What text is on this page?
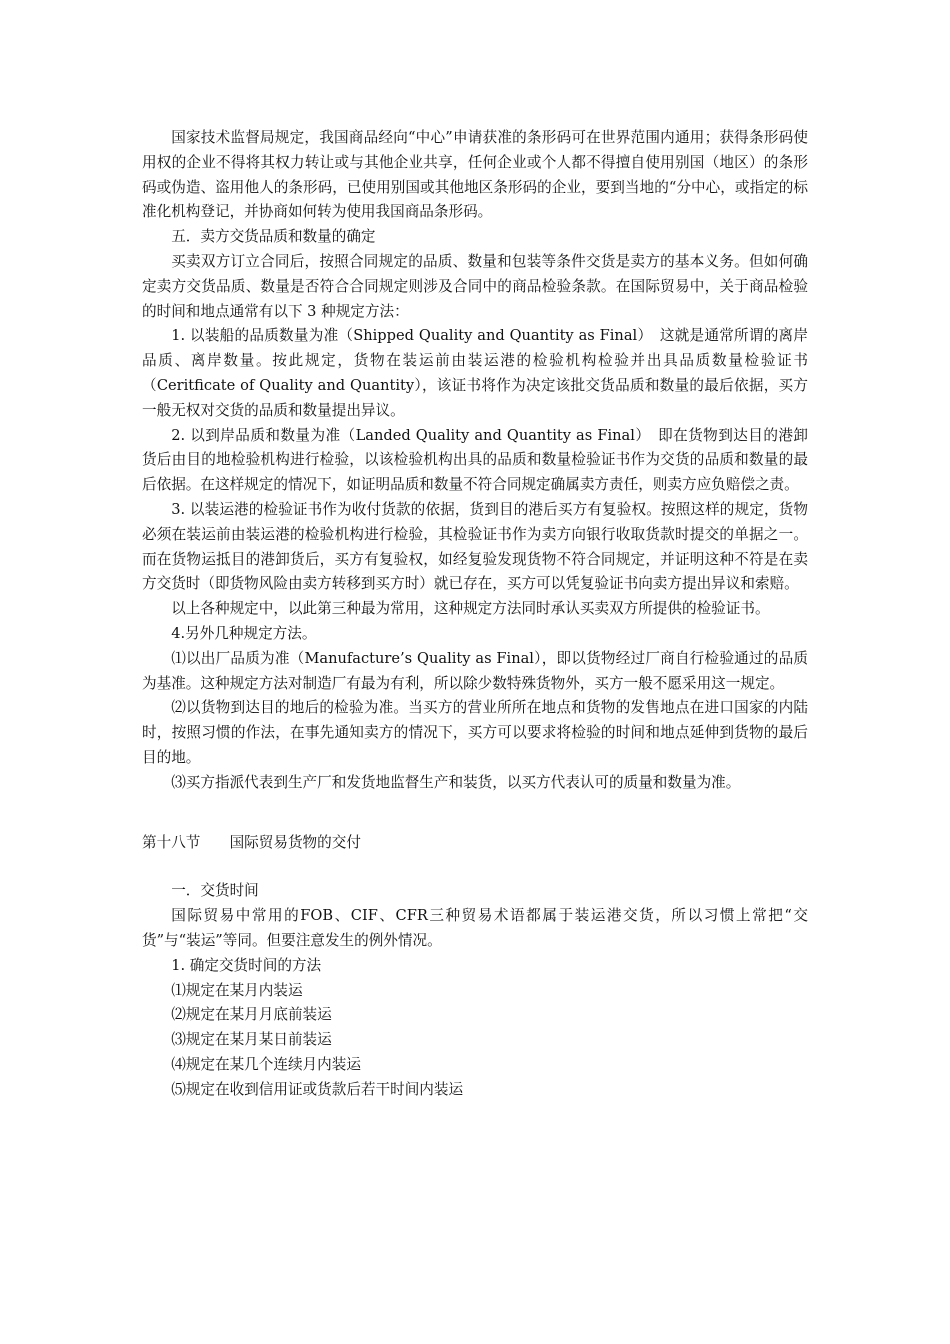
国家技术监督局规定，我国商品经向“中心”申请获准的条形码可在世界范围内通用；获得条形码使用权的企业不得将其权力转让或与其他企业共享，任何企业或个人都不得擅自使用别国（地区）的条形码或伪造、盗用他人的条形码，已使用别国或其他地区条形码的企业，要到当地的“分中心，或指定的标准化机构登记，并协商如何转为使用我国商品条形码。

五．卖方交货品质和数量的确定

买卖双方订立合同后，按照合同规定的品质、数量和包装等条件交货是卖方的基本义务。但如何确定卖方交货品质、数量是否符合合同规定则涉及合同中的商品检验条款。在国际贸易中，关于商品检验的时间和地点通常有以下 3 种规定方法：

1. 以装船的品质数量为准（Shipped Quality and Quantity as Final）　这就是通常所谓的离岸品质、离岸数量。按此规定，货物在装运前由装运港的检验机构检验并出具品质数量检验证书（Ceritficate of Quality and Quantity），该证书将作为决定该批交货品质和数量的最后依据，买方一般无权对交货的品质和数量提出异议。

2. 以到岸品质和数量为准（Landed Quality and Quantity as Final）　即在货物到达目的港卸货后由目的地检验机构进行检验，以该检验机构出具的品质和数量检验证书作为交货的品质和数量的最后依据。在这样规定的情况下，如证明品质和数量不符合同规定确属卖方责任，则卖方应负赔偿之责。

3. 以装运港的检验证书作为收付货款的依据，货到目的港后买方有复验权。按照这样的规定，货物必须在装运前由装运港的检验机构进行检验，其检验证书作为卖方向银行收取货款时提交的单据之一。而在货物运抵目的港卸货后，买方有复验权，如经复验发现货物不符合同规定，并证明这种不符是在卖方交货时（即货物风险由卖方转移到买方时）就已存在，买方可以凭复验证书向卖方提出异议和索赔。

以上各种规定中，以此第三种最为常用，这种规定方法同时承认买卖双方所提供的检验证书。

4.另外几种规定方法。

⑴以出厂品质为准（Manufacture’s Quality as Final），即以货物经过厂商自行检验通过的品质为基准。这种规定方法对制造厂有最为有利，所以除少数特殊货物外，买方一般不愿采用这一规定。

⑵以货物到达目的地后的检验为准。当买方的营业所所在地点和货物的发售地点在进口国家的内陆时，按照习惯的作法，在事先通知卖方的情况下，买方可以要求将检验的时间和地点延伸到货物的最后目的地。

⑶买方指派代表到生产厂和发货地监督生产和装货，以买方代表认可的质量和数量为准。

第十八节　　国际贸易货物的交付

一．交货时间

国际贸易中常用的FOB、CIF、CFR三种贸易术语都属于装运港交货，所以习惯上常把“交货”与“装运”等同。但要注意发生的例外情况。

1. 确定交货时间的方法

⑴规定在某月内装运

⑵规定在某月月底前装运

⑶规定在某月某日前装运

⑷规定在某几个连续月内装运

⑸规定在收到信用证或货款后若干时间内装运
